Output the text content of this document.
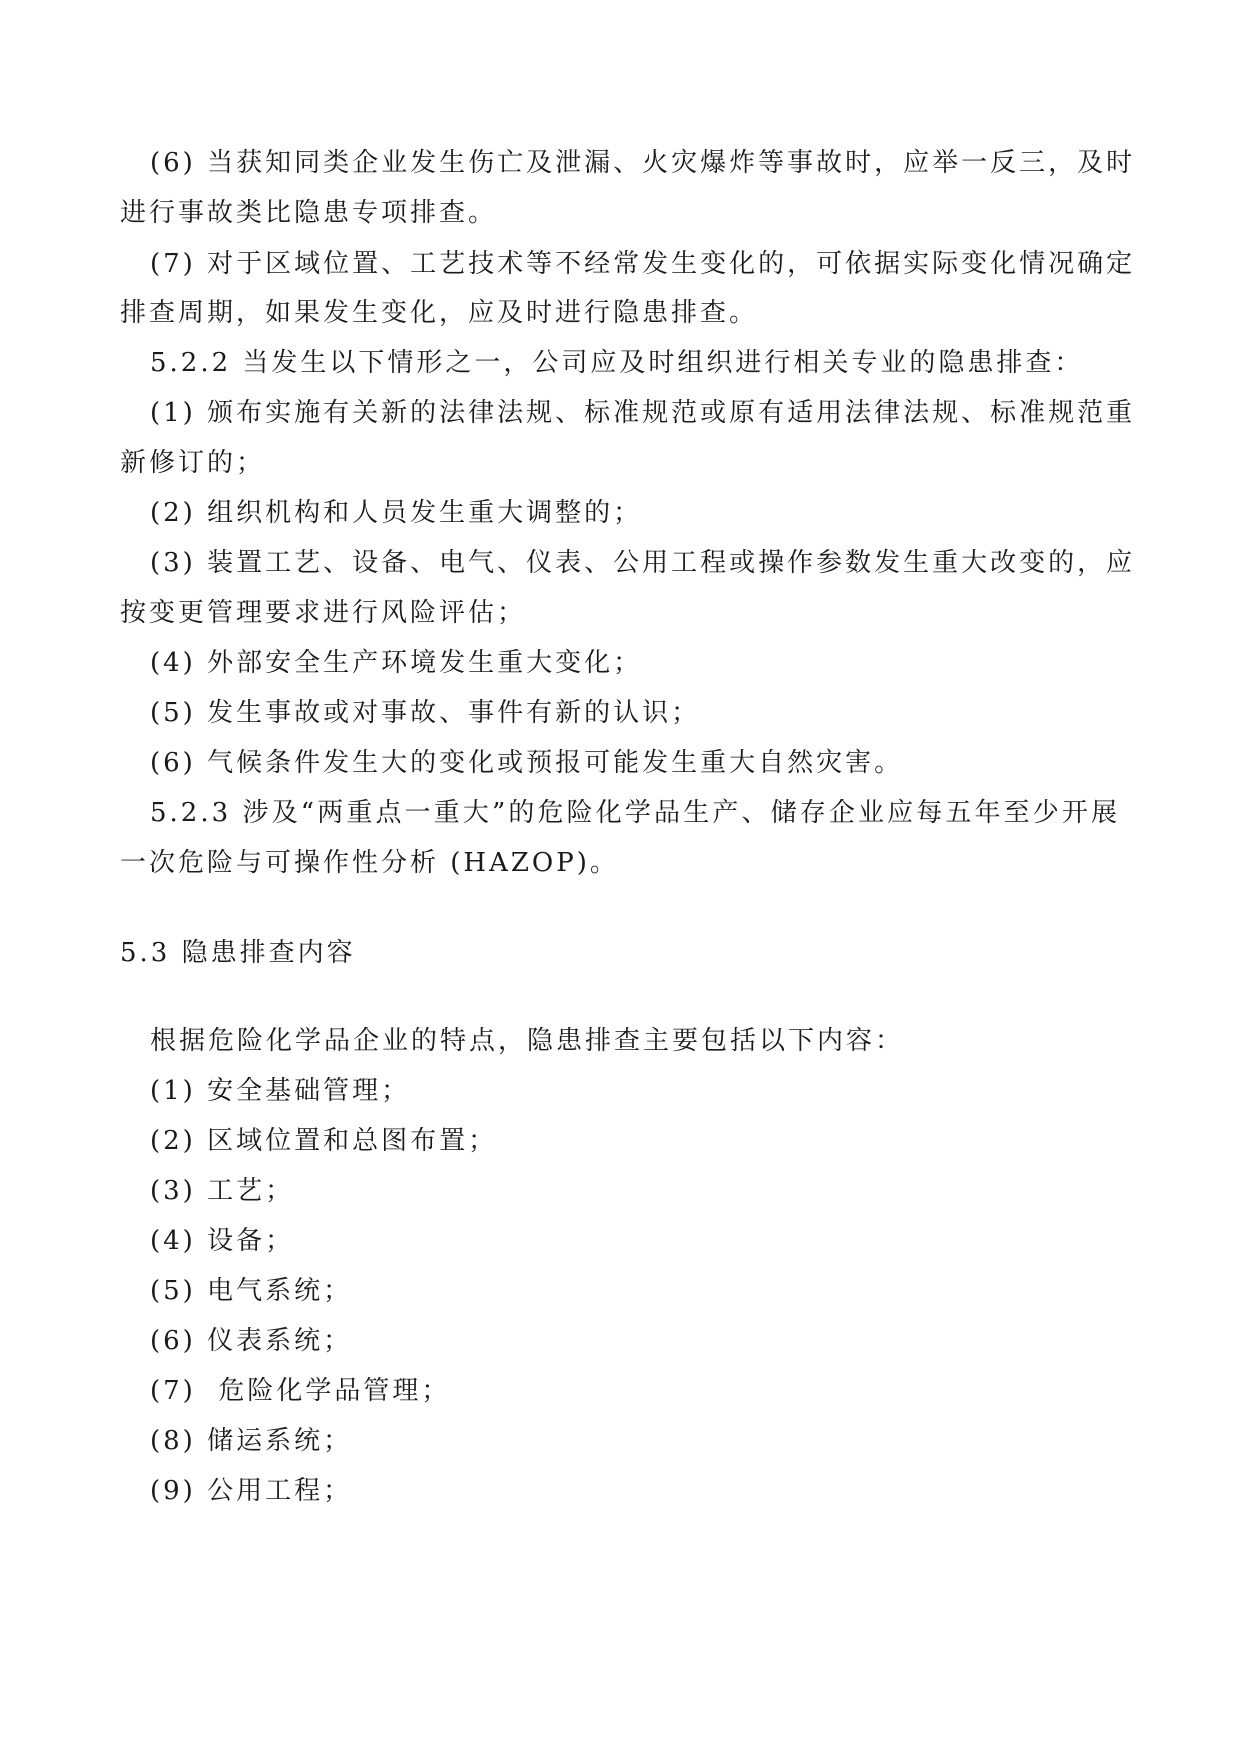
(6) 当获知同类企业发生伤亡及泄漏、火灾爆炸等事故时，应举一反三，及时
进行事故类比隐患专项排查。
(7) 对于区域位置、工艺技术等不经常发生变化的，可依据实际变化情况确定
排查周期，如果发生变化，应及时进行隐患排查。
5.2.2 当发生以下情形之一，公司应及时组织进行相关专业的隐患排查：
(1) 颁布实施有关新的法律法规、标准规范或原有适用法律法规、标准规范重
新修订的；
(2) 组织机构和人员发生重大调整的；
(3) 装置工艺、设备、电气、仪表、公用工程或操作参数发生重大改变的，应
按变更管理要求进行风险评估；
(4) 外部安全生产环境发生重大变化；
(5) 发生事故或对事故、事件有新的认识；
(6) 气候条件发生大的变化或预报可能发生重大自然灾害。
5.2.3 涉及“两重点一重大”的危险化学品生产、储存企业应每五年至少开展
一次危险与可操作性分析 (HAZOP)。
5.3 隐患排查内容
根据危险化学品企业的特点，隐患排查主要包括以下内容：
(1) 安全基础管理；
(2) 区域位置和总图布置；
(3) 工艺；
(4) 设备；
(5) 电气系统；
(6) 仪表系统；
(7)  危险化学品管理；
(8) 储运系统；
(9) 公用工程；
